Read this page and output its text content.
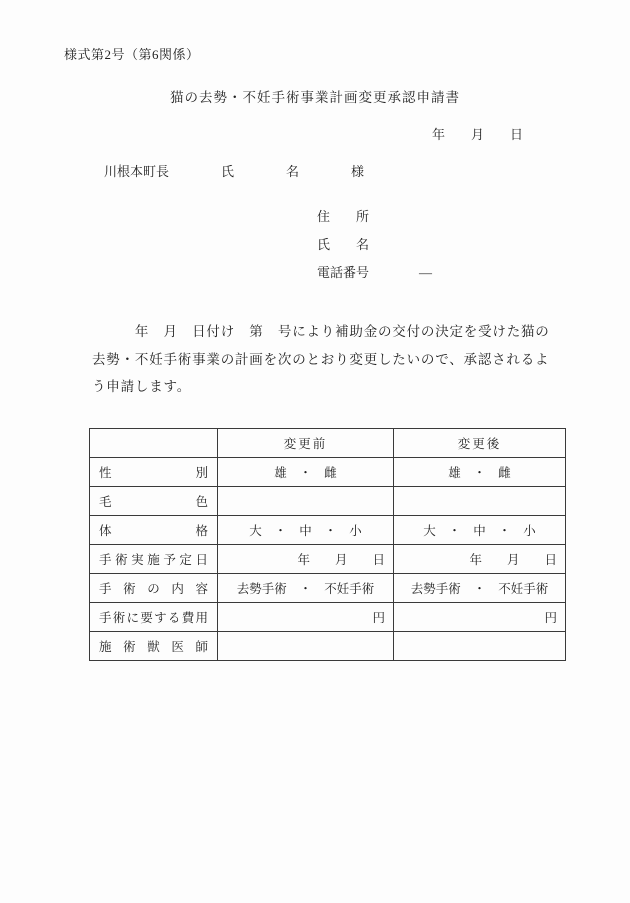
様式第2号（第6関係）
猫の去勢・不妊手術事業計画変更承認申請書
年　　月　　日
川根本町長　　　　氏　　　　名　　　　様
住　　所
氏　　名
電話番号	—
　　　年　月　日付け　第　号により補助金の交付の決定を受けた猫の
去勢・不妊手術事業の計画を次のとおり変更したいので、承認されるよ
う申請します。
	変更前	変更後
性別	雄　・　雌	雄　・　雌
毛色		
体格	大　・　中　・　小	大　・　中　・　小
手術実施予定日	年　　月　　日	年　　月　　日
手術の内容	去勢手術　・　不妊手術	去勢手術　・　不妊手術
手術に要する費用	円	円
施術獣医師		
